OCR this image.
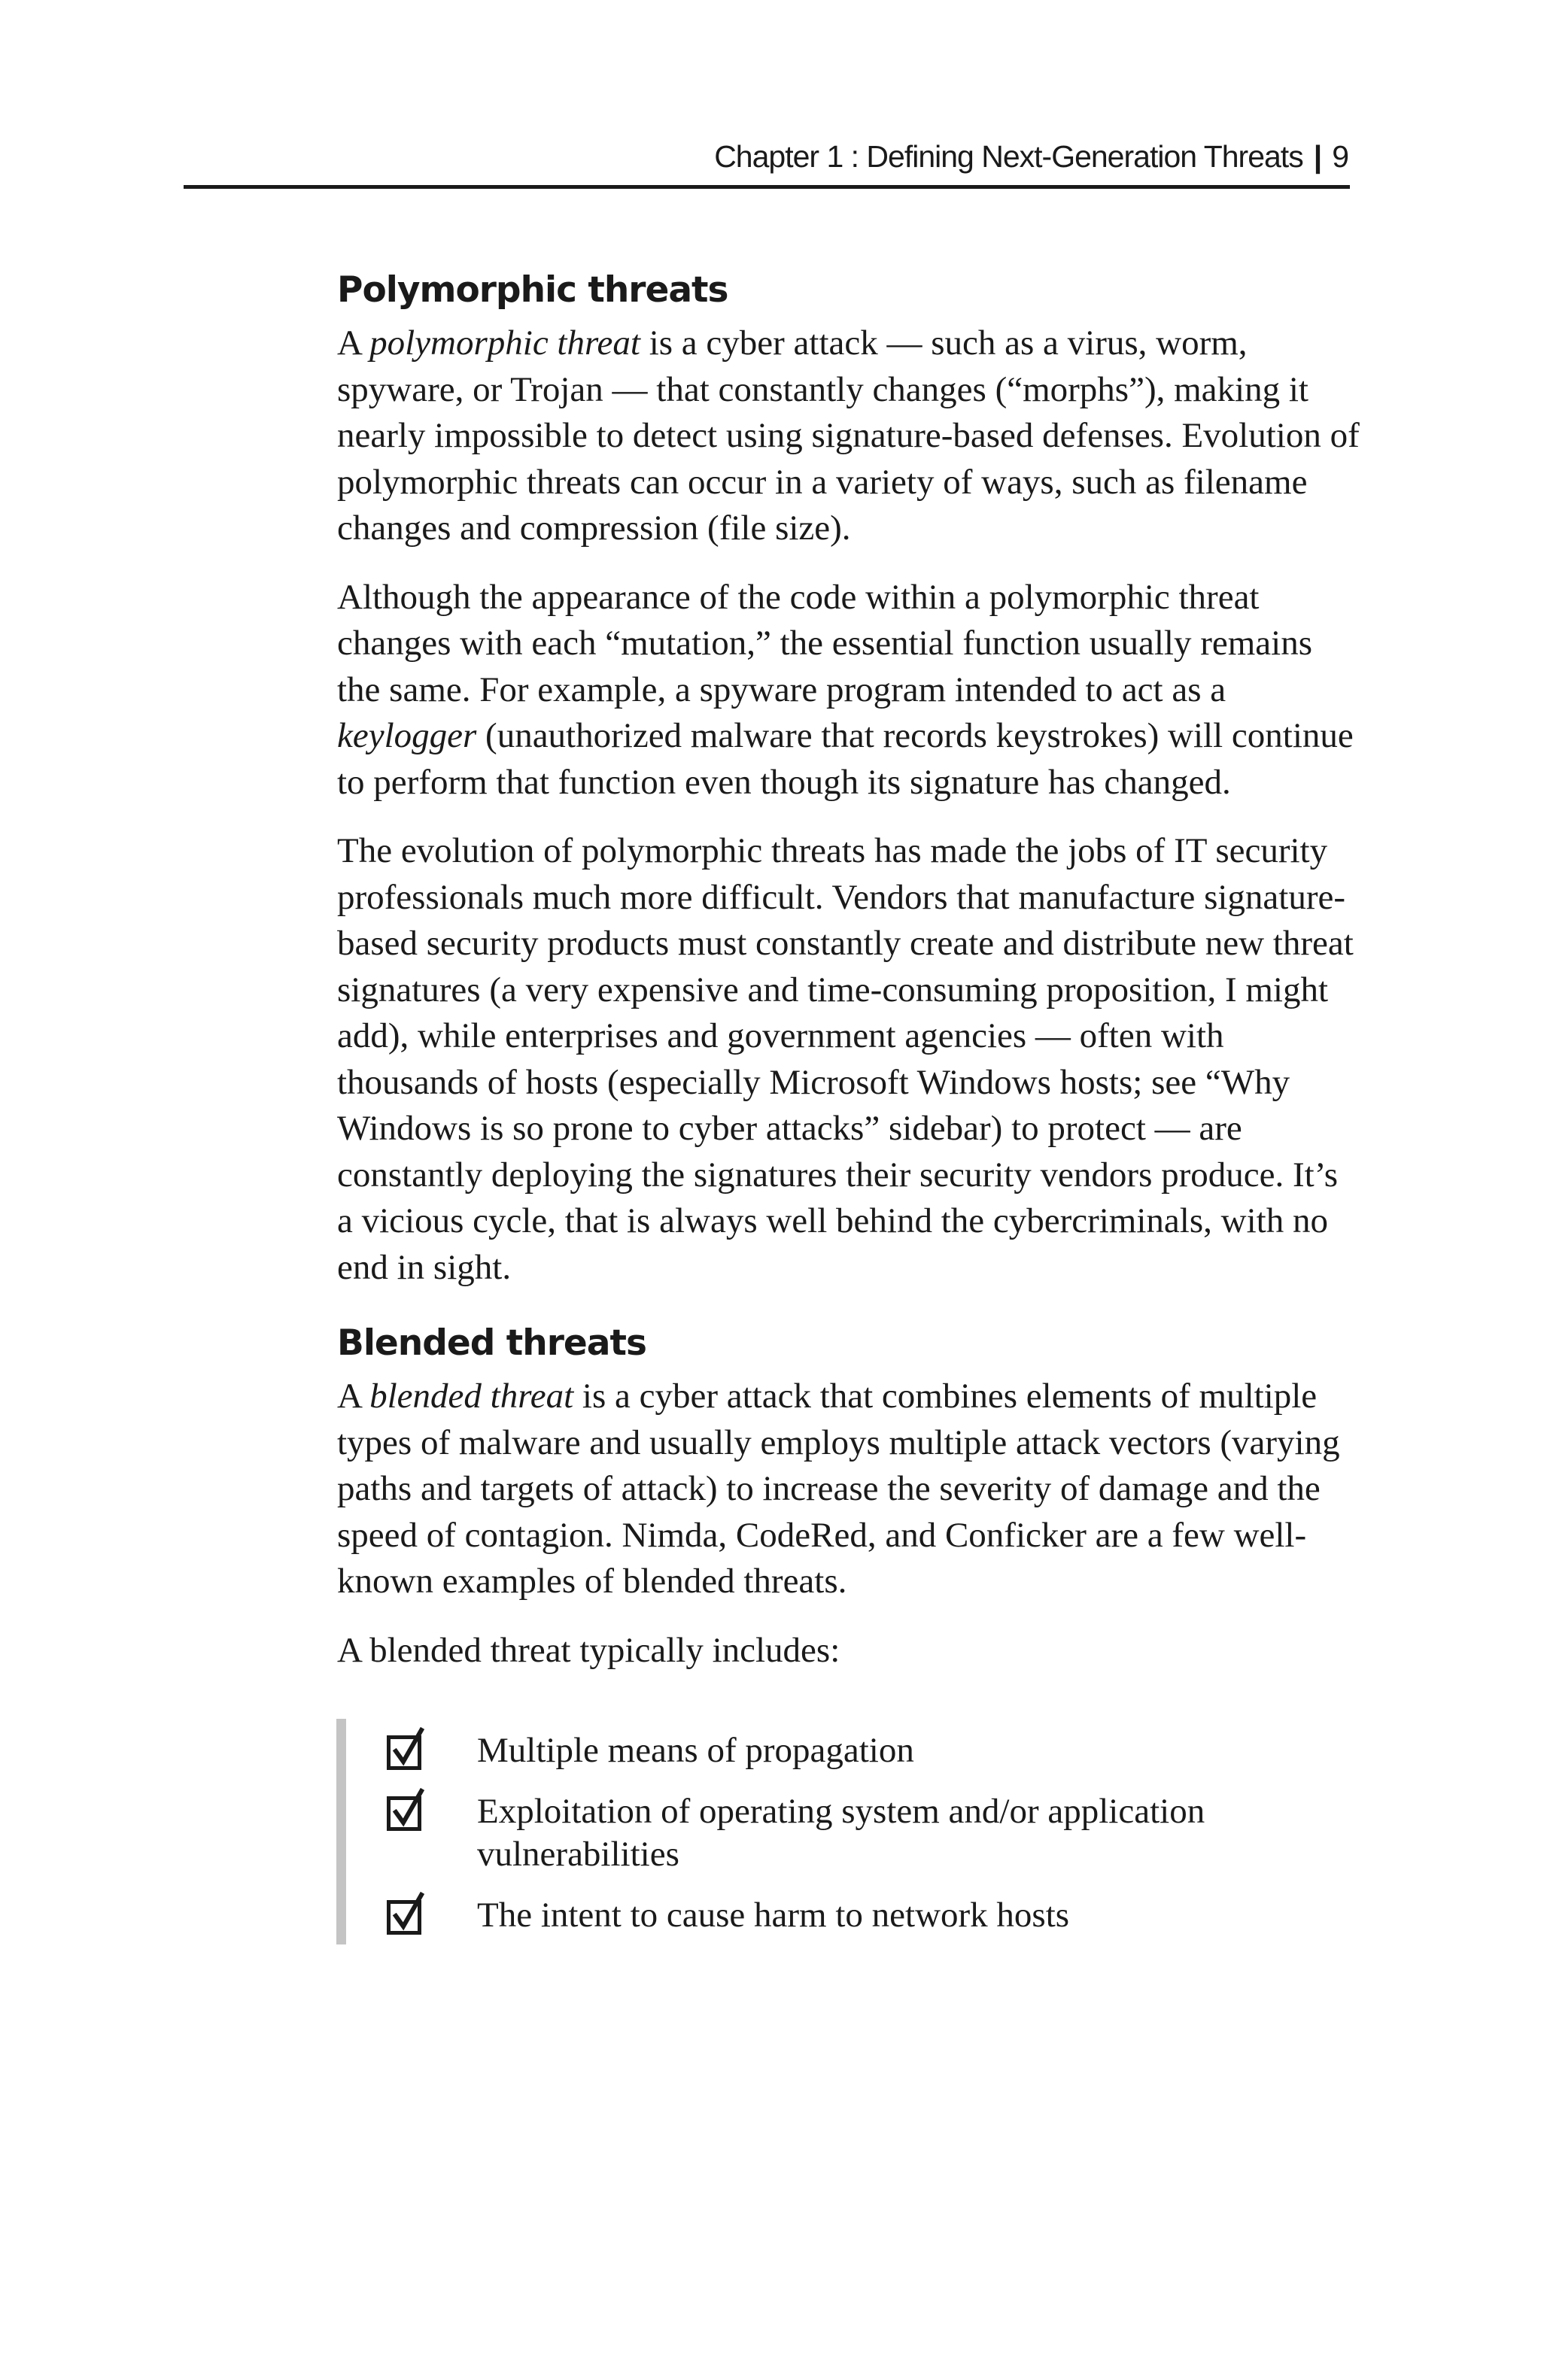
Chapter 1 : Defining Next-Generation Threats | 9
Polymorphic threats

A polymorphic threat is a cyber attack — such as a virus, worm, spyware, or Trojan — that constantly changes (“morphs”), making it nearly impossible to detect using signature-based defenses. Evolution of polymorphic threats can occur in a variety of ways, such as filename changes and compression (file size).

Although the appearance of the code within a polymorphic threat changes with each “mutation,” the essential function usually remains the same. For example, a spyware program intended to act as a keylogger (unauthorized malware that records keystrokes) will continue to perform that function even though its signature has changed.

The evolution of polymorphic threats has made the jobs of IT security professionals much more difficult. Vendors that manufacture signature-based security products must constantly create and distribute new threat signatures (a very expensive and time-consuming proposition, I might add), while enterprises and government agencies — often with thousands of hosts (especially Microsoft Windows hosts; see “Why Windows is so prone to cyber attacks” sidebar) to protect — are constantly deploying the signatures their security vendors produce. It’s a vicious cycle, that is always well behind the cybercriminals, with no end in sight.

Blended threats

A blended threat is a cyber attack that combines elements of multiple types of malware and usually employs multiple attack vectors (varying paths and targets of attack) to increase the severity of damage and the speed of contagion. Nimda, CodeRed, and Conficker are a few well-known examples of blended threats.

A blended threat typically includes:

Multiple means of propagation
Exploitation of operating system and/or application vulnerabilities
The intent to cause harm to network hosts
